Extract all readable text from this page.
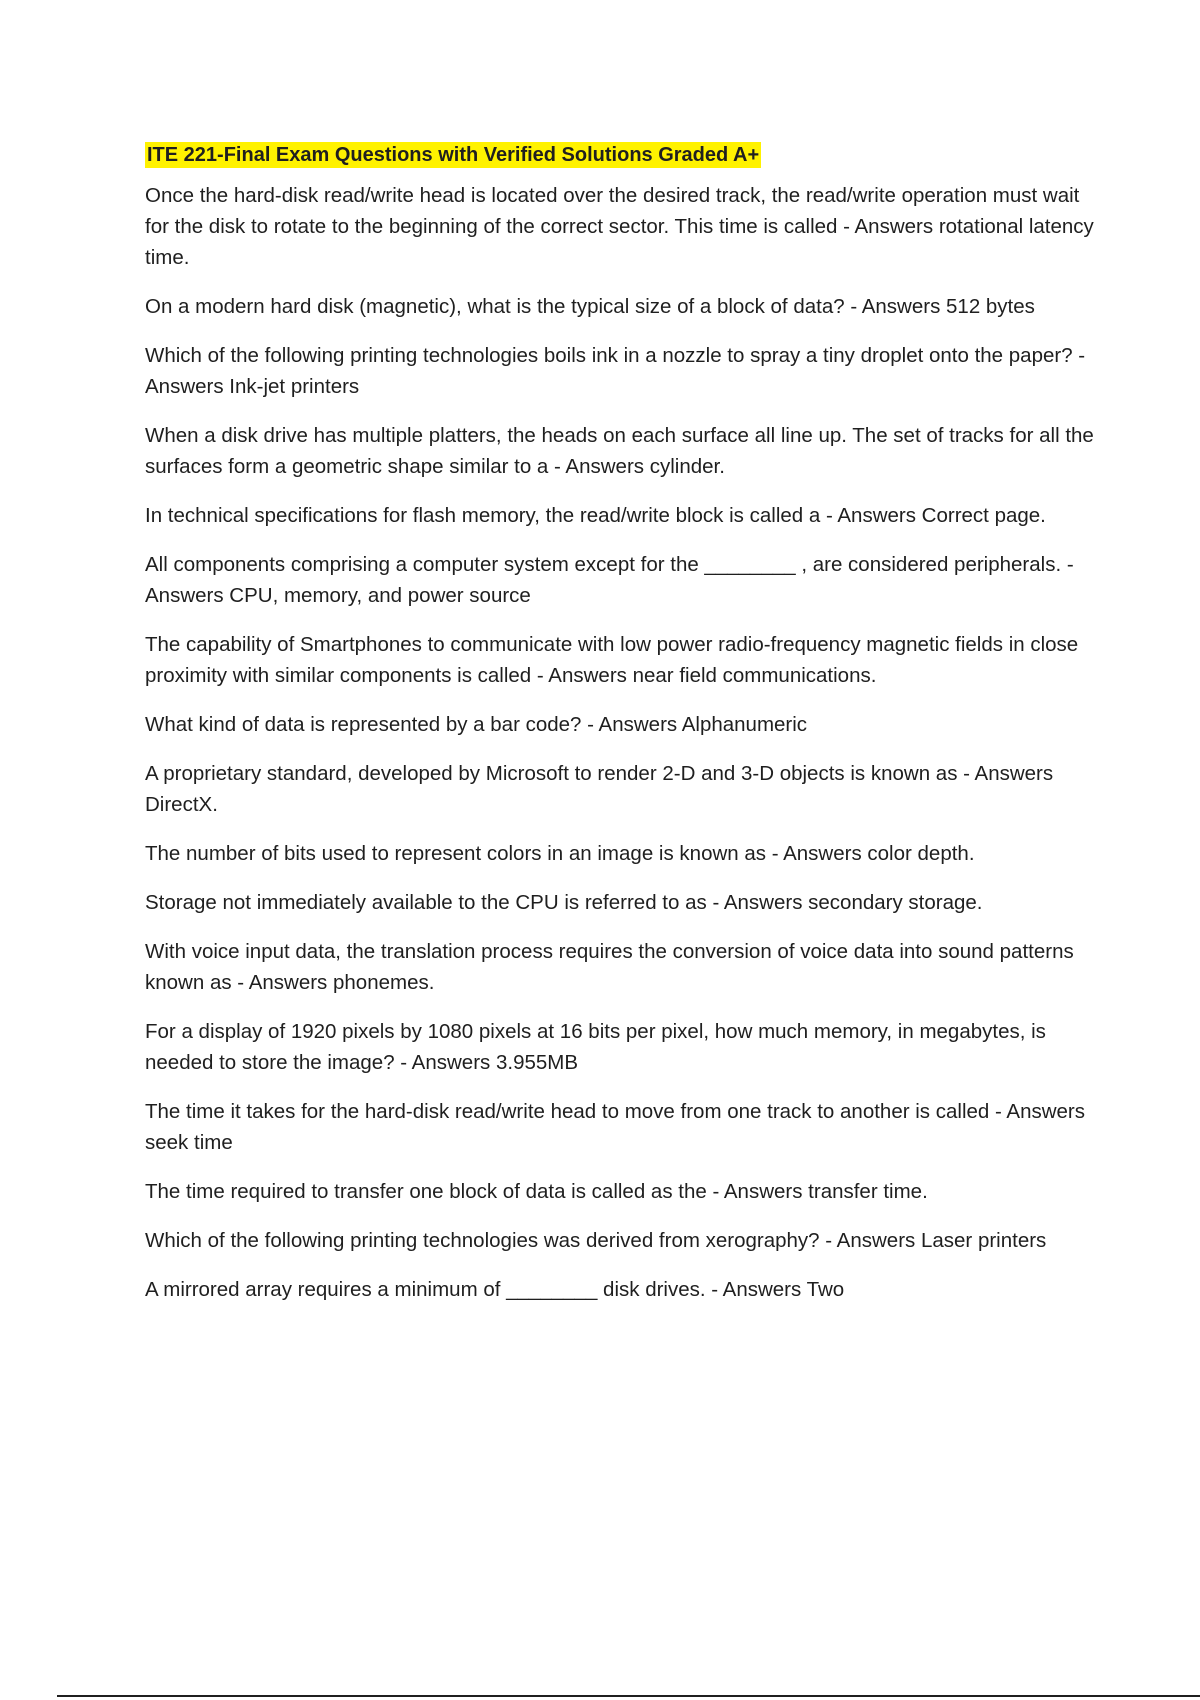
ITE 221-Final Exam Questions with Verified Solutions Graded A+

Once the hard-disk read/write head is located over the desired track, the read/write operation must wait for the disk to rotate to the beginning of the correct sector. This time is called - Answers rotational latency time.

On a modern hard disk (magnetic), what is the typical size of a block of data? - Answers 512 bytes

Which of the following printing technologies boils ink in a nozzle to spray a tiny droplet onto the paper? - Answers Ink-jet printers

When a disk drive has multiple platters, the heads on each surface all line up. The set of tracks for all the surfaces form a geometric shape similar to a - Answers cylinder.

In technical specifications for flash memory, the read/write block is called a - Answers Correct page.

All components comprising a computer system except for the ________ , are considered peripherals. - Answers CPU, memory, and power source

The capability of Smartphones to communicate with low power radio-frequency magnetic fields in close proximity with similar components is called - Answers near field communications.

What kind of data is represented by a bar code? - Answers Alphanumeric

A proprietary standard, developed by Microsoft to render 2-D and 3-D objects is known as - Answers DirectX.

The number of bits used to represent colors in an image is known as - Answers color depth.

Storage not immediately available to the CPU is referred to as - Answers secondary storage.

With voice input data, the translation process requires the conversion of voice data into sound patterns known as - Answers phonemes.

For a display of 1920 pixels by 1080 pixels at 16 bits per pixel, how much memory, in megabytes, is needed to store the image? - Answers 3.955MB

The time it takes for the hard-disk read/write head to move from one track to another is called - Answers seek time

The time required to transfer one block of data is called as the - Answers transfer time.

Which of the following printing technologies was derived from xerography? - Answers Laser printers

A mirrored array requires a minimum of ________ disk drives. - Answers Two
